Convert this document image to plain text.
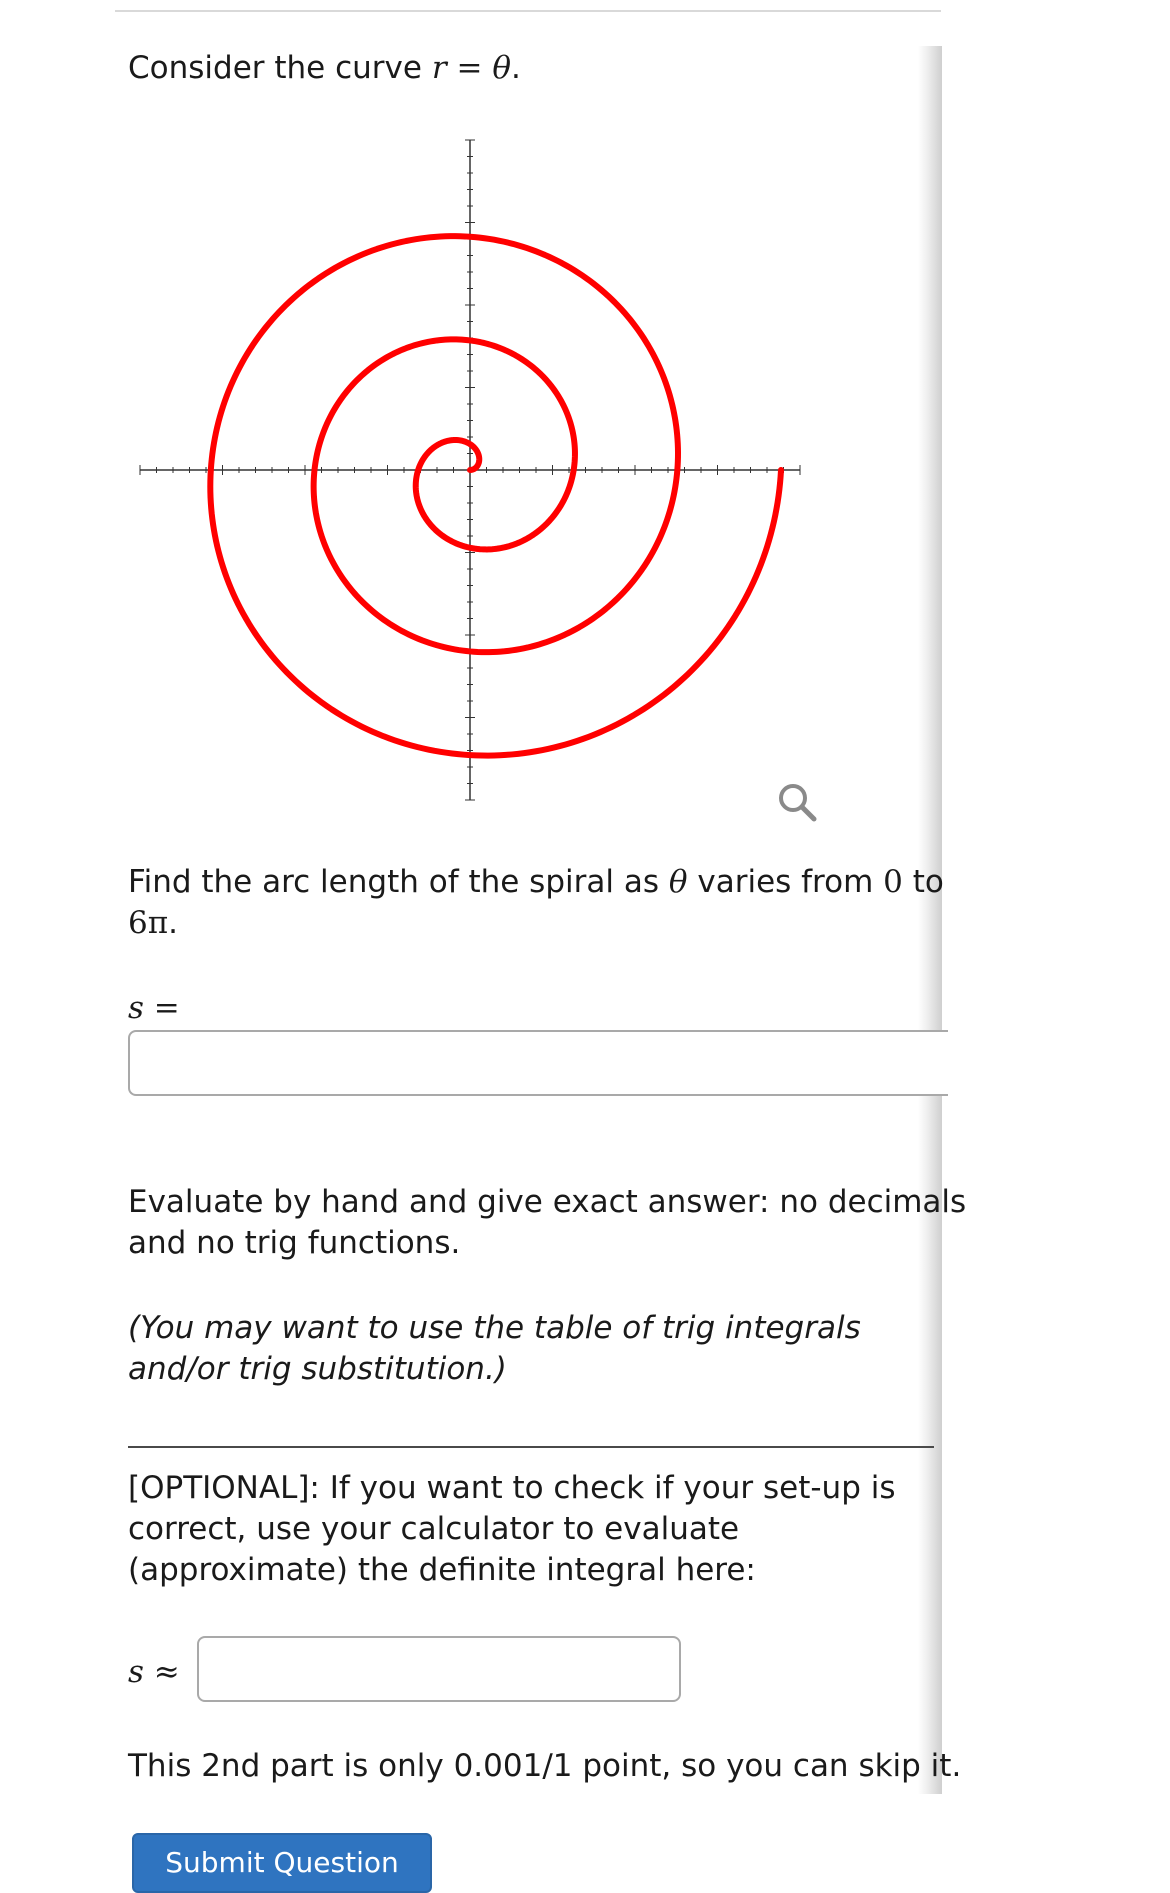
Consider the curve r = θ.
Find the arc length of the spiral as θ varies from 0 to
6π.
s =
Evaluate by hand and give exact answer: no decimals
and no trig functions.
(You may want to use the table of trig integrals
and/or trig substitution.)
[OPTIONAL]: If you want to check if your set-up is
correct, use your calculator to evaluate
(approximate) the definite integral here:
s ≈
This 2nd part is only 0.001/1 point, so you can skip it.
Submit Question
